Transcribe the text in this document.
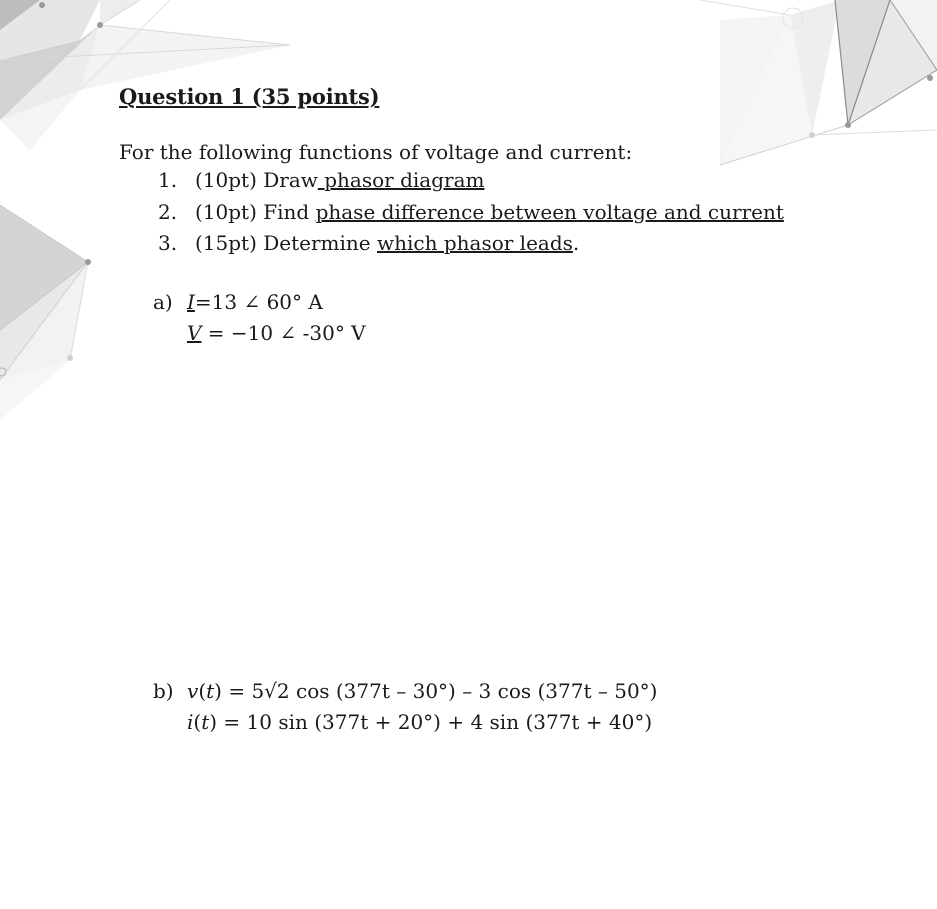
Question 1 (35 points)
For the following functions of voltage and current:
1. (10pt) Draw phasor diagram
2. (10pt) Find phase difference between voltage and current
3. (15pt) Determine which phasor leads.
a) I=13 ∠ 60° A
V = −10 ∠ -30° V
b) v(t) = 5√2 cos (377t – 30°) – 3 cos (377t – 50°)
i(t) = 10 sin (377t + 20°) + 4 sin (377t + 40°)
